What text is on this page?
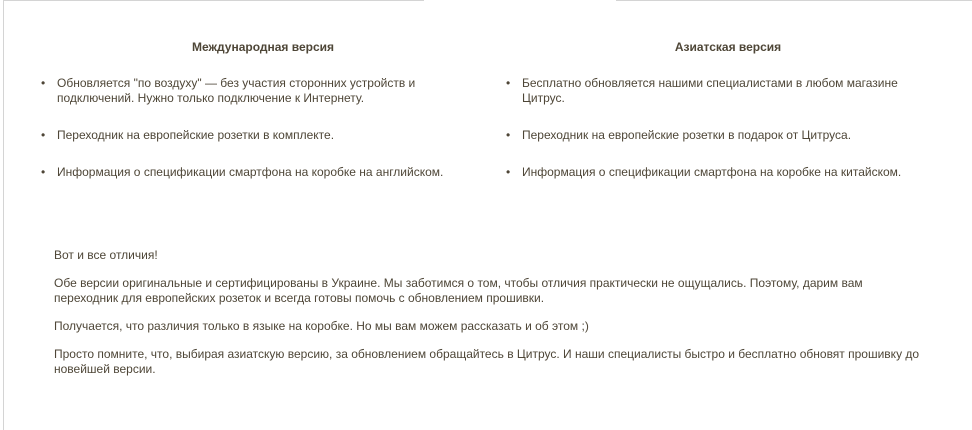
Международная версия
• Обновляется "по воздуху" — без участия сторонних устройств и подключений. Нужно только подключение к Интернету.
• Переходник на европейские розетки в комплекте.
• Информация о спецификации смартфона на коробке на английском.
Азиатская версия
• Бесплатно обновляется нашими специалистами в любом магазине Цитрус.
• Переходник на европейские розетки в подарок от Цитруса.
• Информация о спецификации смартфона на коробке на китайском.

Вот и все отличия!

Обе версии оригинальные и сертифицированы в Украине. Мы заботимся о том, чтобы отличия практически не ощущались. Поэтому, дарим вам переходник для европейских розеток и всегда готовы помочь с обновлением прошивки.

Получается, что различия только в языке на коробке. Но мы вам можем рассказать и об этом ;)

Просто помните, что, выбирая азиатскую версию, за обновлением обращайтесь в Цитрус. И наши специалисты быстро и бесплатно обновят прошивку до новейшей версии.
